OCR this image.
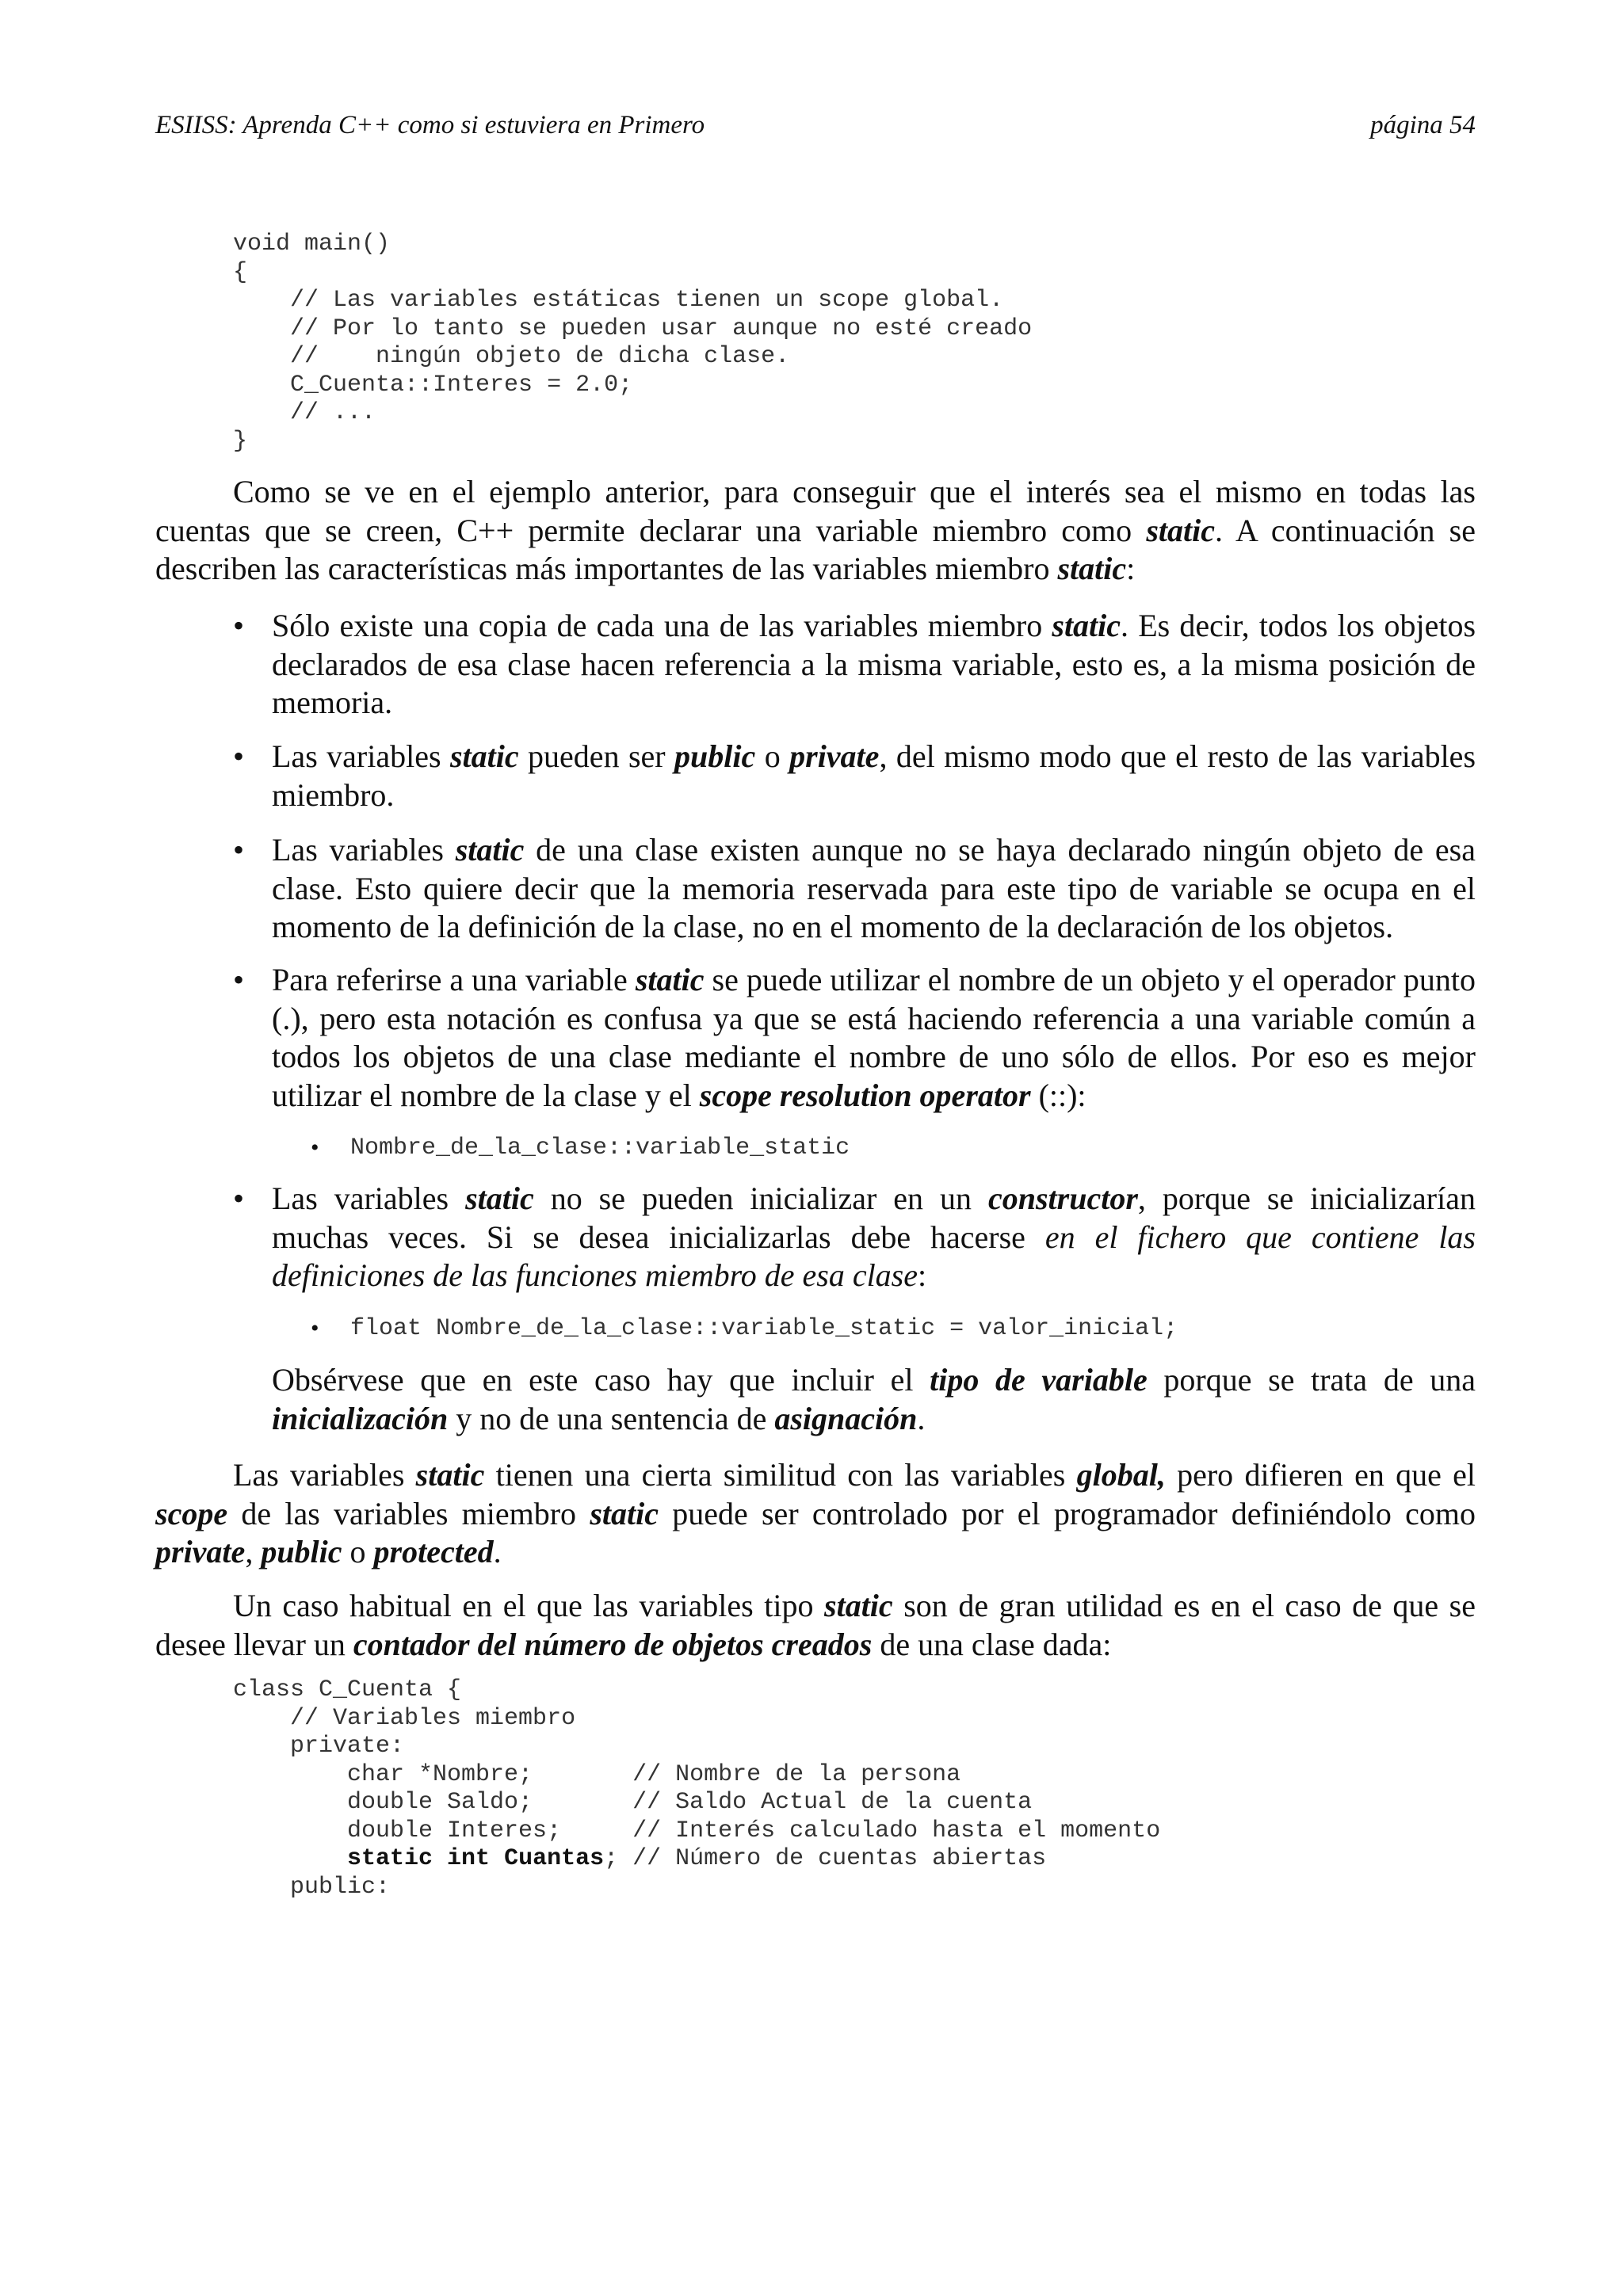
ESIISS: Aprenda C++ como si estuviera en Primero	página 54
void main()
{
// Las variables estáticas tienen un scope global.
// Por lo tanto se pueden usar aunque no esté creado
//    ningún objeto de dicha clase.
C_Cuenta::Interes = 2.0;
// ...
}

Como se ve en el ejemplo anterior, para conseguir que el interés sea el mismo en todas las cuentas que se creen, C++ permite declarar una variable miembro como static. A continuación se describen las características más importantes de las variables miembro static:

• Sólo existe una copia de cada una de las variables miembro static. Es decir, todos los objetos declarados de esa clase hacen referencia a la misma variable, esto es, a la misma posición de memoria.

• Las variables static pueden ser public o private, del mismo modo que el resto de las variables miembro.

• Las variables static de una clase existen aunque no se haya declarado ningún objeto de esa clase. Esto quiere decir que la memoria reservada para este tipo de variable se ocupa en el momento de la definición de la clase, no en el momento de la declaración de los objetos.

• Para referirse a una variable static se puede utilizar el nombre de un objeto y el operador punto (.), pero esta notación es confusa ya que se está haciendo referencia a una variable común a todos los objetos de una clase mediante el nombre de uno sólo de ellos. Por eso es mejor utilizar el nombre de la clase y el scope resolution operator (::):

• Nombre_de_la_clase::variable_static
• Las variables static no se pueden inicializar en un constructor, porque se inicializarían muchas veces. Si se desea inicializarlas debe hacerse en el fichero que contiene las definiciones de las funciones miembro de esa clase:

• float Nombre_de_la_clase::variable_static = valor_inicial;

Obsérvese que en este caso hay que incluir el tipo de variable porque se trata de una inicialización y no de una sentencia de asignación.

Las variables static tienen una cierta similitud con las variables global, pero difieren en que el scope de las variables miembro static puede ser controlado por el programador definiéndolo como private, public o protected.

Un caso habitual en el que las variables tipo static son de gran utilidad es en el caso de que se desee llevar un contador del número de objetos creados de una clase dada:

class C_Cuenta {
// Variables miembro
private:
char *Nombre;       // Nombre de la persona
double Saldo;       // Saldo Actual de la cuenta
double Interes;     // Interés calculado hasta el momento
static int Cuantas; // Número de cuentas abiertas
public:
